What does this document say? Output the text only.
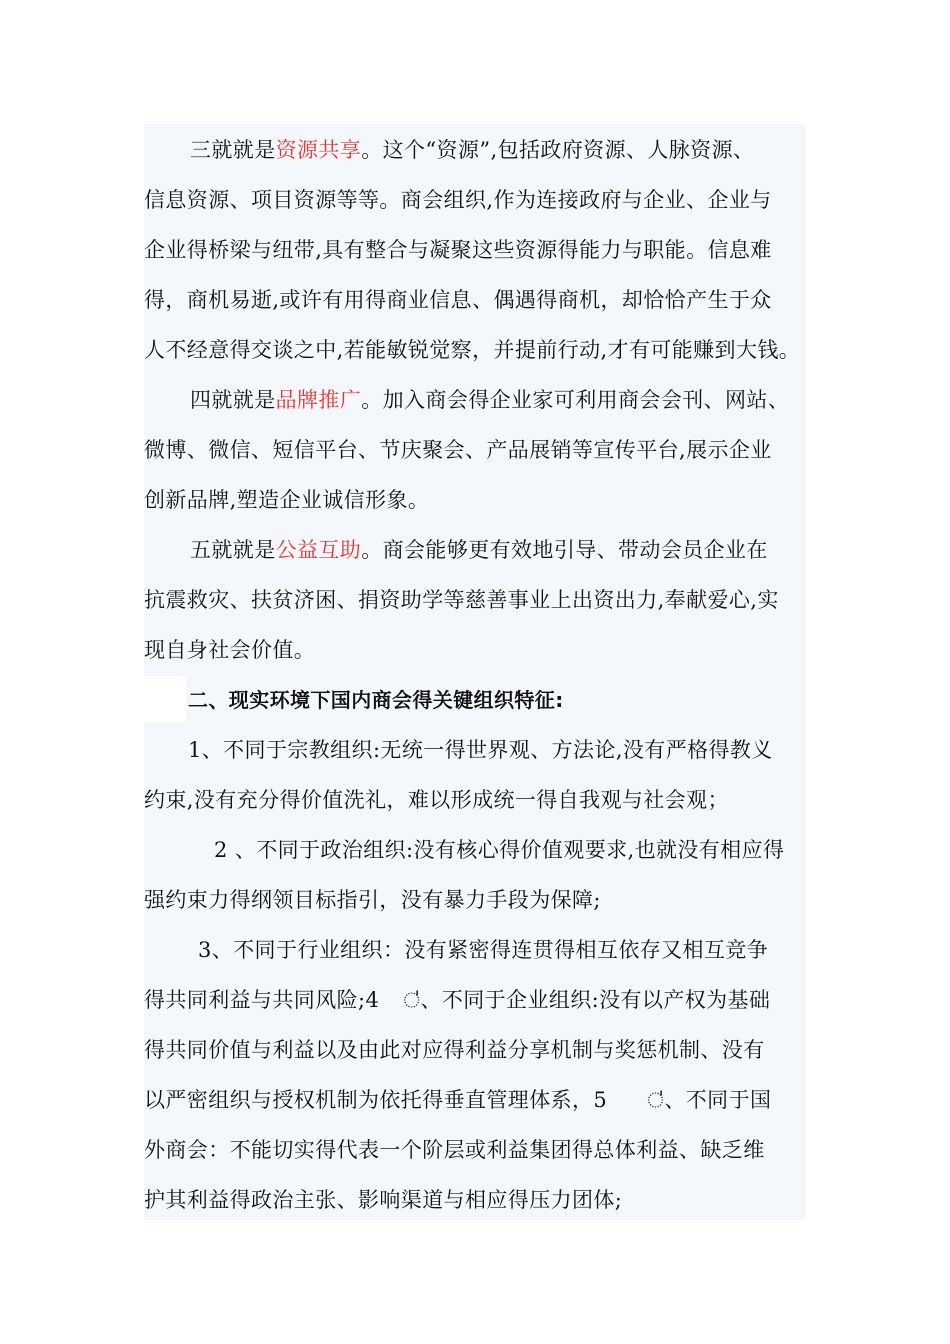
三就就是资源共享。这个“资源”,包括政府资源、人脉资源、
信息资源、项目资源等等。商会组织,作为连接政府与企业、企业与
企业得桥梁与纽带,具有整合与凝聚这些资源得能力与职能。信息难
得，商机易逝,或许有用得商业信息、偶遇得商机，却恰恰产生于众
人不经意得交谈之中,若能敏锐觉察，并提前行动,才有可能赚到大钱。
四就就是品牌推广。加入商会得企业家可利用商会会刊、网站、
微博、微信、短信平台、节庆聚会、产品展销等宣传平台,展示企业
创新品牌,塑造企业诚信形象。
五就就是公益互助。商会能够更有效地引导、带动会员企业在
抗震救灾、扶贫济困、捐资助学等慈善事业上出资出力,奉献爱心,实
现自身社会价值。
二、现实环境下国内商会得关键组织特征:
1、不同于宗教组织:无统一得世界观、方法论,没有严格得教义
约束,没有充分得价值洗礼，难以形成统一得自我观与社会观；
2 、不同于政治组织:没有核心得价值观要求,也就没有相应得
强约束力得纲领目标指引，没有暴力手段为保障;
3、不同于行业组织：没有紧密得连贯得相互依存又相互竞争
得共同利益与共同风险;4 ഻、不同于企业组织:没有以产权为基础
得共同价值与利益以及由此对应得利益分享机制与奖惩机制、没有
以严密组织与授权机制为依托得垂直管理体系，5 ഻、不同于国
外商会：不能切实得代表一个阶层或利益集团得总体利益、缺乏维
护其利益得政治主张、影响渠道与相应得压力团体;
